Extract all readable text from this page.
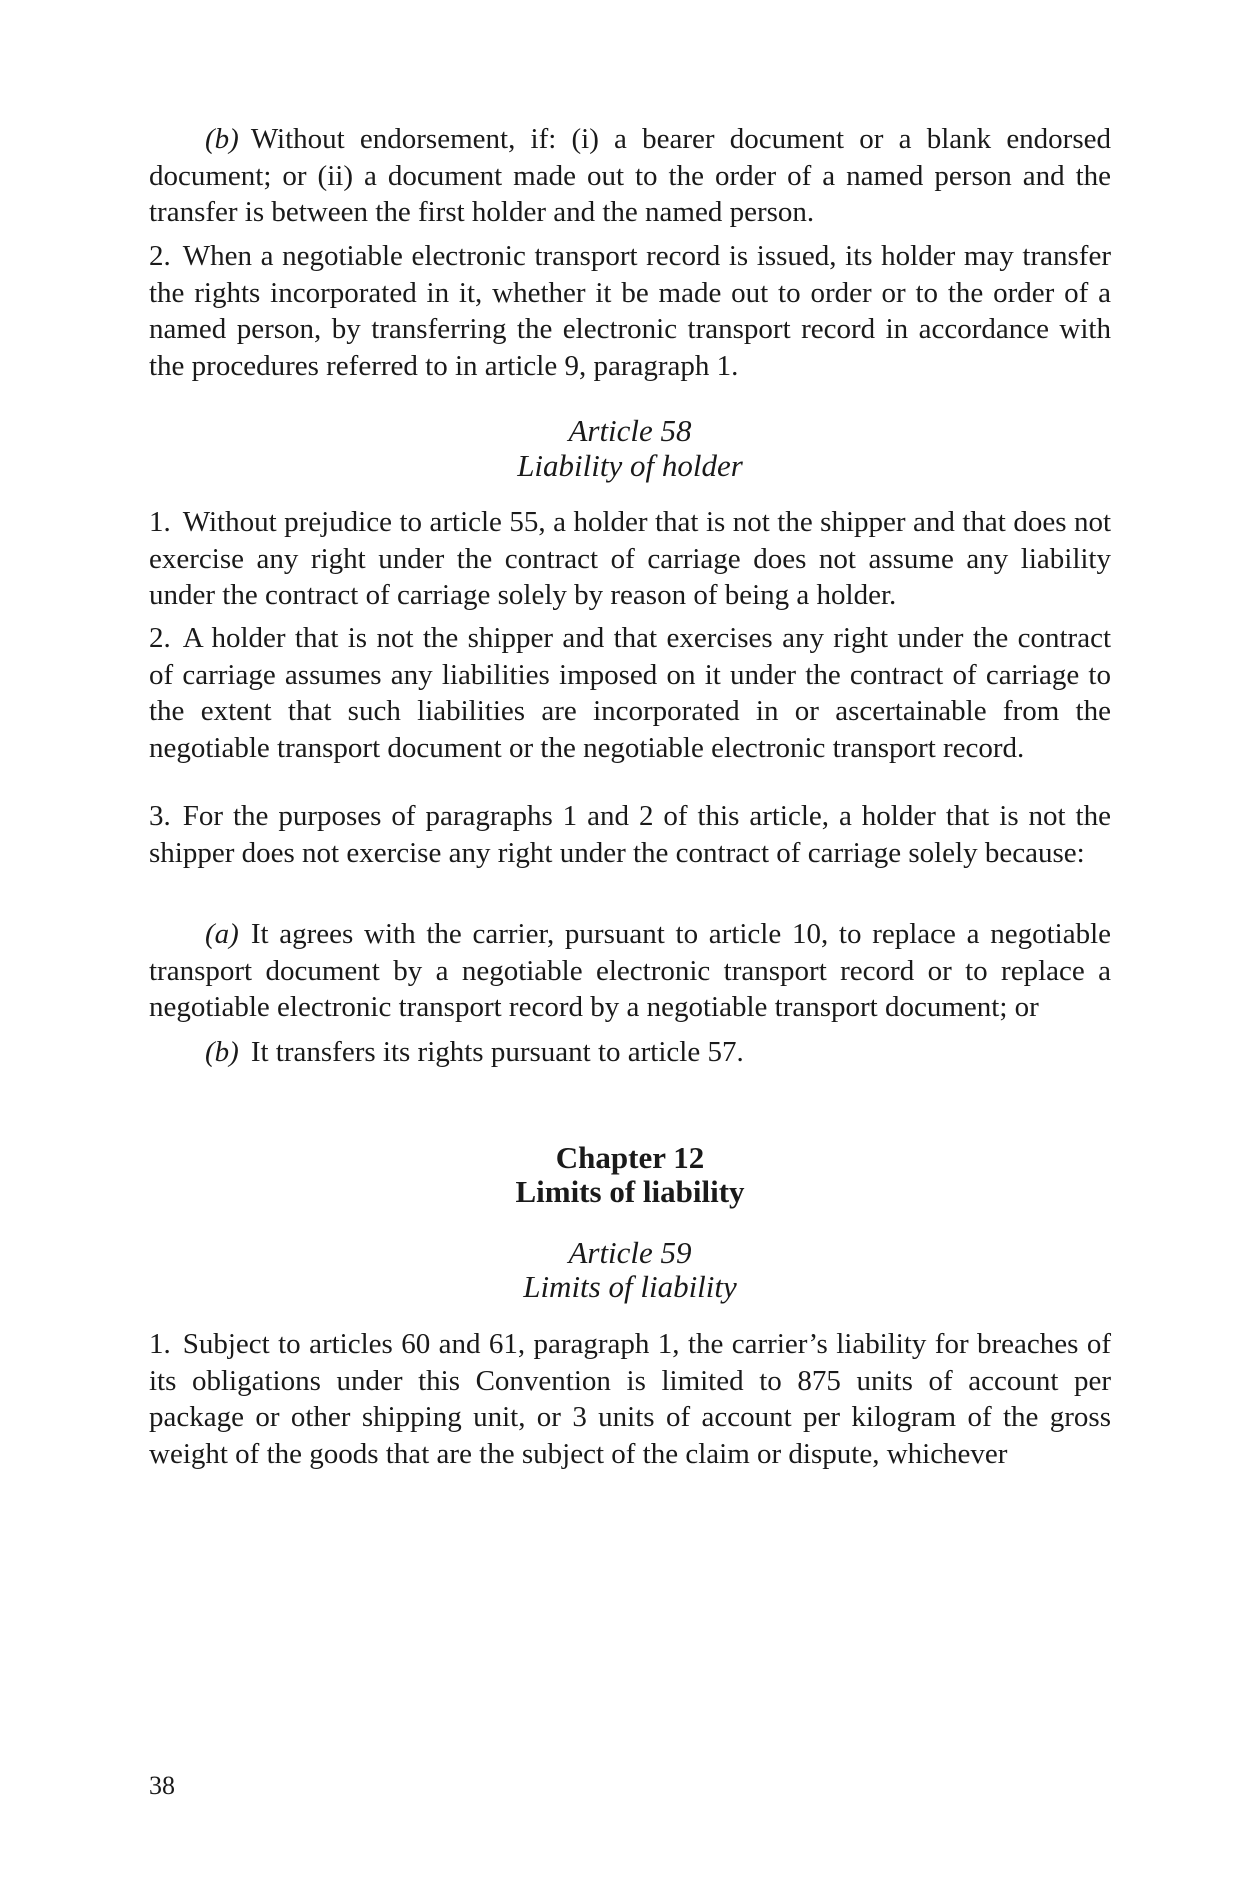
(b) Without endorsement, if: (i) a bearer document or a blank endorsed document; or (ii) a document made out to the order of a named person and the transfer is between the first holder and the named person.

2. When a negotiable electronic transport record is issued, its holder may transfer the rights incorporated in it, whether it be made out to order or to the order of a named person, by transferring the electronic transport record in accordance with the procedures referred to in article 9, paragraph 1.

Article 58

Liability of holder

1. Without prejudice to article 55, a holder that is not the shipper and that does not exercise any right under the contract of carriage does not assume any liability under the contract of carriage solely by reason of being a holder.

2. A holder that is not the shipper and that exercises any right under the contract of carriage assumes any liabilities imposed on it under the contract of carriage to the extent that such liabilities are incorporated in or ascertainable from the negotiable transport document or the negotiable electronic transport record.

3. For the purposes of paragraphs 1 and 2 of this article, a holder that is not the shipper does not exercise any right under the contract of carriage solely because:

(a) It agrees with the carrier, pursuant to article 10, to replace a negotiable transport document by a negotiable electronic transport record or to replace a negotiable electronic transport record by a negotiable transport document; or

(b) It transfers its rights pursuant to article 57.

Chapter 12

Limits of liability

Article 59

Limits of liability

1. Subject to articles 60 and 61, paragraph 1, the carrier’s liability for breaches of its obligations under this Convention is limited to 875 units of account per package or other shipping unit, or 3 units of account per kilogram of the gross weight of the goods that are the subject of the claim or dispute, whichever

38
